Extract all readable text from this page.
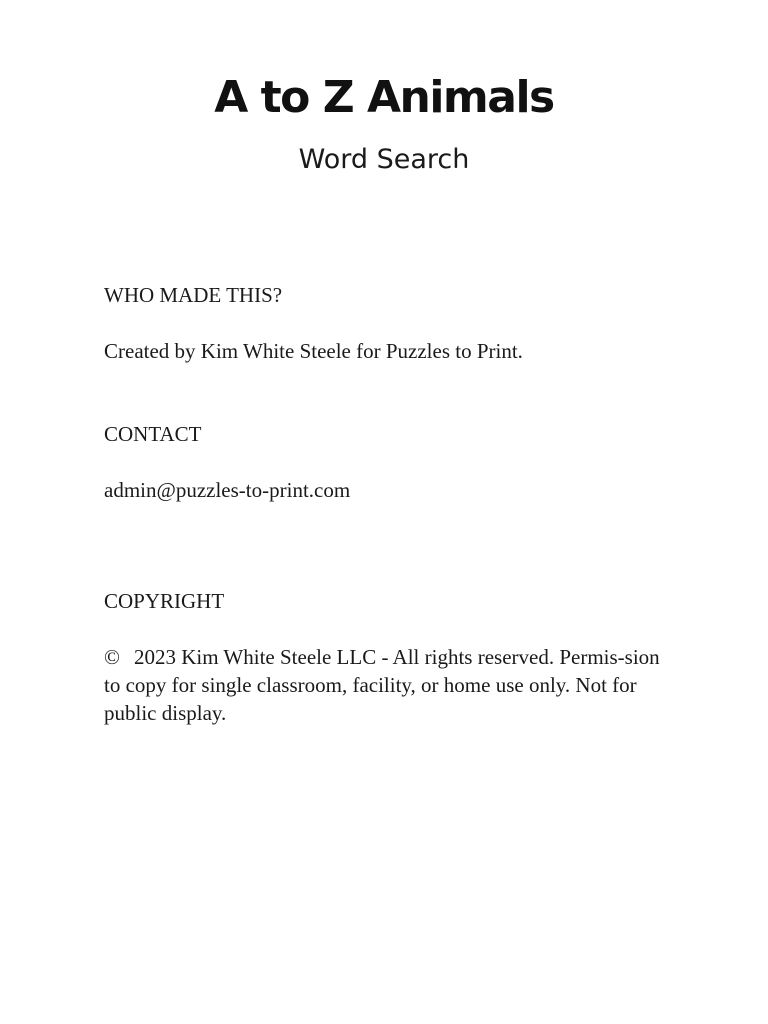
A to Z Animals
Word Search
WHO MADE THIS?
Created by Kim White Steele for Puzzles to Print.
CONTACT
admin@puzzles-to-print.com
COPYRIGHT
© 2023 Kim White Steele LLC - All rights reserved. Permis-sion to copy for single classroom, facility, or home use only. Not for public display.
